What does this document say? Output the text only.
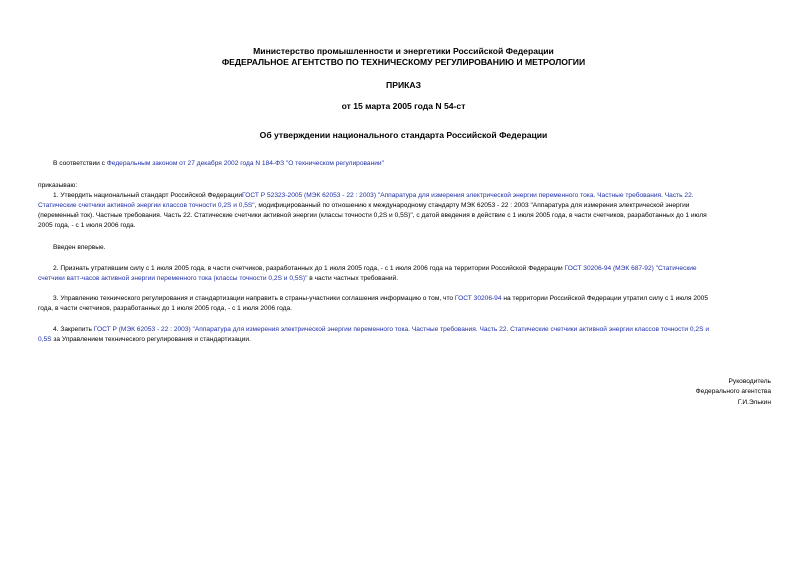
Министерство промышленности и энергетики Российской Федерации
ФЕДЕРАЛЬНОЕ АГЕНТСТВО ПО ТЕХНИЧЕСКОМУ РЕГУЛИРОВАНИЮ И МЕТРОЛОГИИ
ПРИКАЗ
от 15 марта 2005 года N 54-ст
Об утверждении национального стандарта Российской Федерации
В соответствии с Федеральным законом от 27 декабря 2002 года N 184-ФЗ "О техническом регулировании"
приказываю:
1. Утвердить национальный стандарт Российской ФедерацииГОСТ Р 52323-2005 (МЭК 62053 - 22 : 2003) "Аппаратура для измерения электрической энергии переменного тока. Частные требования. Часть 22.
Статические счетчики активной энергии классов точности 0,2S и 0,5S", модифицированный по отношению к международному стандарту МЭК 62053 - 22 : 2003 "Аппаратура для измерения электрической энергии
(переменный ток). Частные требования. Часть 22. Статические счетчики активной энергии (классы точности 0,2S и 0,5S)", с датой введения в действие с 1 июля 2005 года, в части счетчиков, разработанных до 1 июля
2005 года, - с 1 июля 2006 года.
Введен впервые.
2. Признать утратившим силу с 1 июля 2005 года, в части счетчиков, разработанных до 1 июля 2005 года, - с 1 июля 2006 года на территории Российской Федерации ГОСТ 30206-94 (МЭК 687-92) "Статические
счетчики ватт-часов активной энергии переменного тока (классы точности 0,2S и 0,5S)" в части частных требований.
3. Управлению технического регулирования и стандартизации направить в страны-участники соглашения информацию о том, что ГОСТ 30206-94 на территории Российской Федерации утратил силу с 1 июля 2005
года, в части счетчиков, разработанных до 1 июля 2005 года, - с 1 июля 2006 года.
4. Закрепить ГОСТ Р (МЭК 62053 - 22 : 2003) "Аппаратура для измерения электрической энергии переменного тока. Частные требования. Часть 22. Статические счетчики активной энергии классов точности 0,2S и
0,5S за Управлением технического регулирования и стандартизации.
Руководитель
Федерального агентства
Г.И.Элькин
